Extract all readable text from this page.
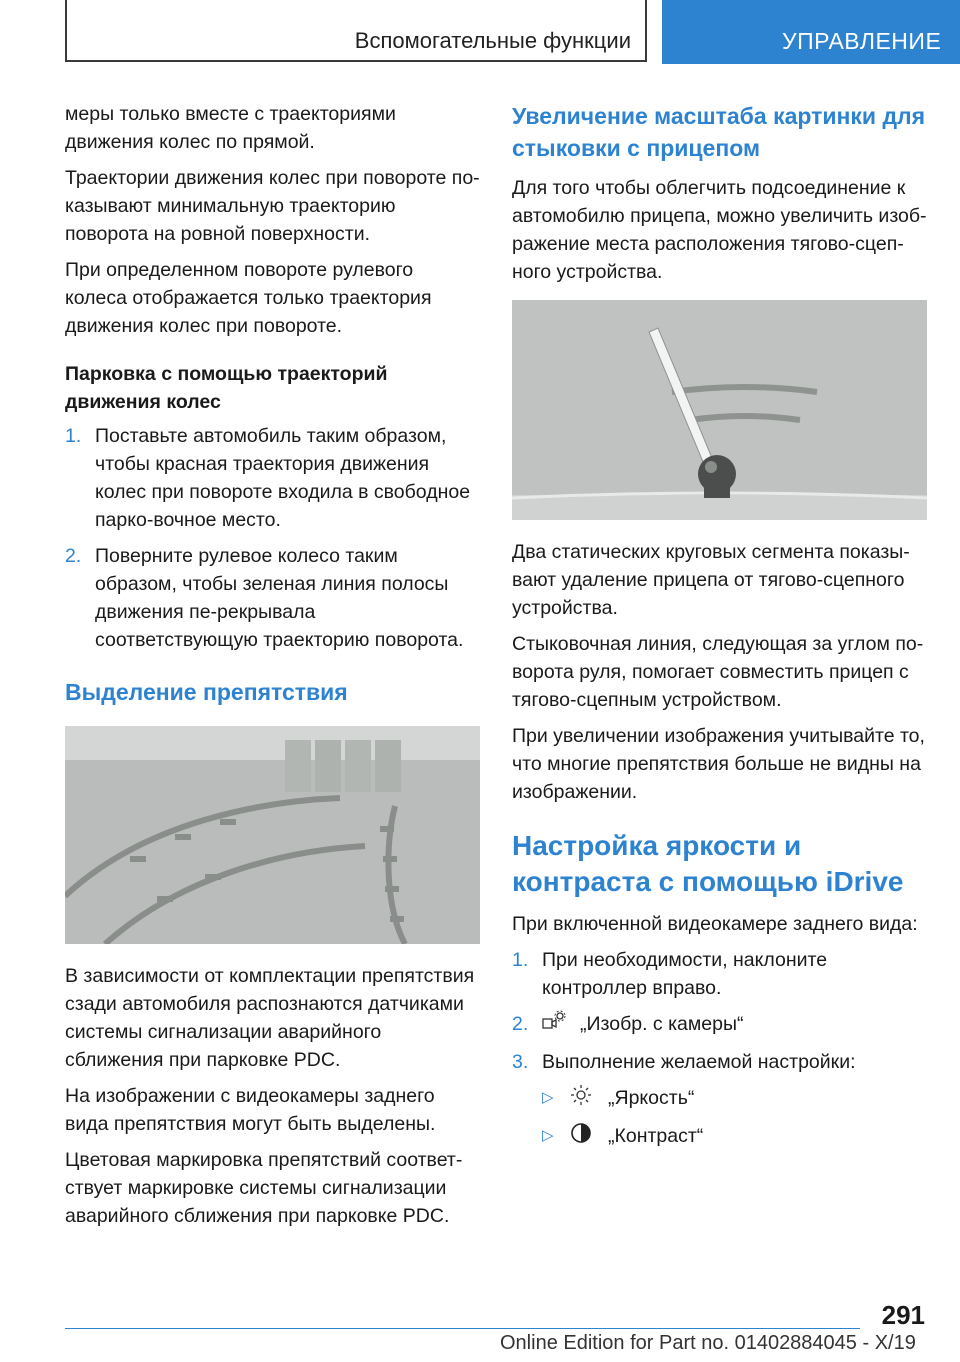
Вспомогательные функции	УПРАВЛЕНИЕ

меры только вместе с траекториями движения колес по прямой.

Траектории движения колес при повороте по-казывают минимальную траекторию поворота на ровной поверхности.

При определенном повороте рулевого колеса отображается только траектория движения колес при повороте.

Парковка с помощью траекторий движения колес
1. Поставьте автомобиль таким образом, чтобы красная траектория движения колес при повороте входила в свободное парко-вочное место.
2. Поверните рулевое колесо таким образом, чтобы зеленая линия полосы движения пе-рекрывала соответствующую траекторию поворота.
Выделение препятствия

В зависимости от комплектации препятствия сзади автомобиля распознаются датчиками системы сигнализации аварийного сближения при парковке PDC.

На изображении с видеокамеры заднего вида препятствия могут быть выделены.

Цветовая маркировка препятствий соответ-ствует маркировке системы сигнализации аварийного сближения при парковке PDC.

Увеличение масштаба картинки для стыковки с прицепом

Для того чтобы облегчить подсоединение к автомобилю прицепа, можно увеличить изоб-ражение места расположения тягово-сцеп-ного устройства.

Два статических круговых сегмента показы-вают удаление прицепа от тягово-сцепного устройства.

Стыковочная линия, следующая за углом по-ворота руля, помогает совместить прицеп с тягово-сцепным устройством.

При увеличении изображения учитывайте то, что многие препятствия больше не видны на изображении.

Настройка яркости и контраста с помощью iDrive

При включенной видеокамере заднего вида:

1. При необходимости, наклоните контроллер вправо.
2.	„Изобр. с камеры“
3. Выполнение желаемой настройки:
▷	„Яркость“
▷	„Контраст“
291
Online Edition for Part no. 01402884045 - X/19
